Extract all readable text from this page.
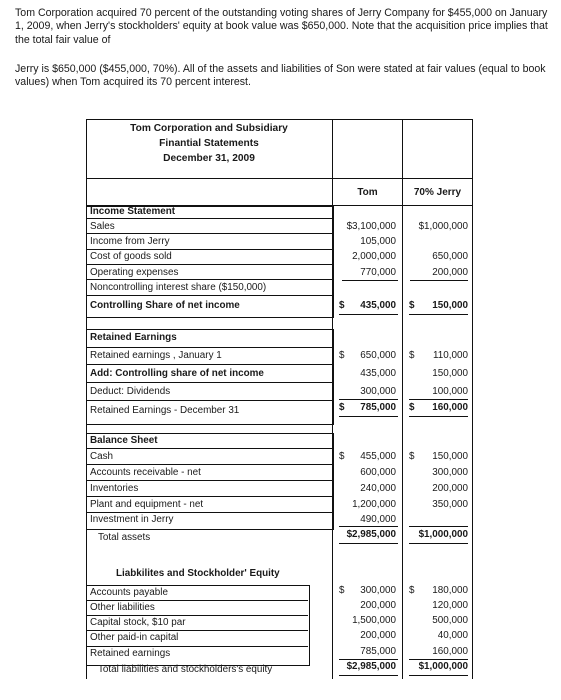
Tom Corporation acquired 70 percent of the outstanding voting shares of Jerry Company for $455,000 on January 1, 2009, when Jerry's stockholders' equity at book value was $650,000. Note that the acquisition price implies that the total fair value of

Jerry is $650,000 ($455,000, 70%). All of the assets and liabilities of Son were stated at fair values (equal to book values) when Tom acquired its 70 percent interest.

Tom Corporation and Subsidiary
Finantial Statements
December 31, 2009
Tom	70% Jerry
Income Statement
Sales	$3,100,000	$1,000,000
Income from Jerry	105,000
Cost of goods sold	2,000,000	650,000
Operating expenses	770,000	200,000
Noncontrolling interest share ($150,000)
Controlling Share of net income	$	435,000 $	150,000
Retained Earnings
Retained earnings , January 1	$	650,000 $	110,000
Add: Controlling share of net income	435,000	150,000
Deduct: Dividends	300,000	100,000
Retained Earnings - December 31	$	785,000 $	160,000
Balance Sheet
Cash	$	455,000 $	150,000
Accounts receivable - net	600,000	300,000
Inventories	240,000	200,000
Plant and equipment - net	1,200,000	350,000
Investment in Jerry	490,000
Total assets	$2,985,000	$1,000,000
Liabkilites and Stockholder' Equity
Accounts payable	$	300,000 $	180,000
Other liabilities	200,000	120,000
Capital stock, $10 par	1,500,000	500,000
Other paid-in capital	200,000	40,000
Retained earnings	785,000	160,000
Total liabilities and stockholders's equity	$2,985,000	$1,000,000
